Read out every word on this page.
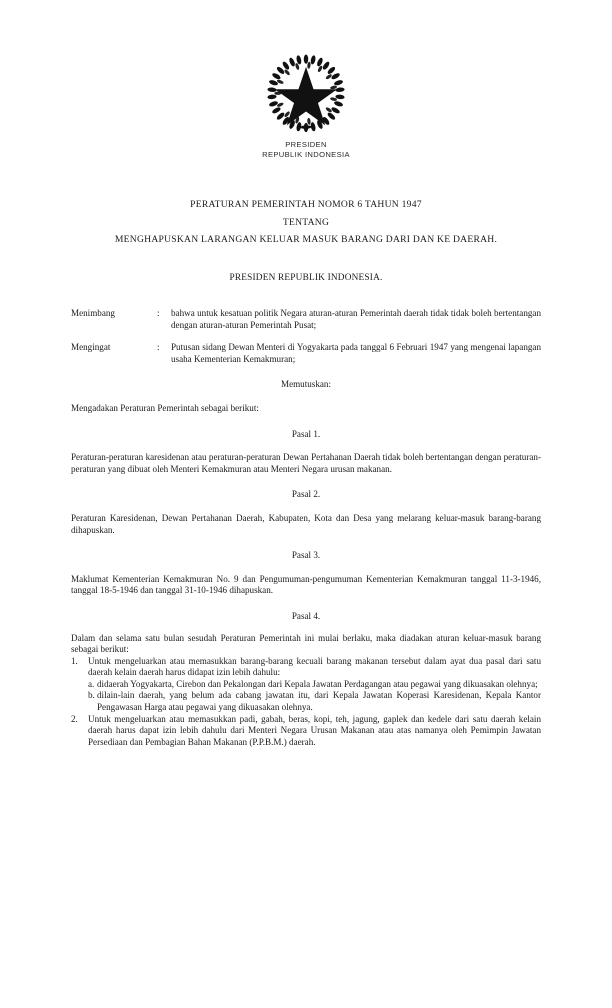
PRESIDEN
REPUBLIK INDONESIA
PERATURAN PEMERINTAH NOMOR 6 TAHUN 1947
TENTANG
MENGHAPUSKAN LARANGAN KELUAR MASUK BARANG DARI DAN KE DAERAH.
PRESIDEN REPUBLIK INDONESIA.
Menimbang	:	bahwa untuk kesatuan politik Negara aturan-aturan Pemerintah daerah tidak tidak boleh bertentangan dengan aturan-aturan Pemerintah Pusat;
Mengingat	:	Putusan sidang Dewan Menteri di Yogyakarta pada tanggal 6 Februari 1947 yang mengenai lapangan usaha Kementerian Kemakmuran;
Memutuskan:
Mengadakan Peraturan Pemerintah sebagai berikut:
Pasal 1.
Peraturan-peraturan karesidenan atau peraturan-peraturan Dewan Pertahanan Daerah tidak boleh bertentangan dengan peraturan-peraturan yang dibuat oleh Menteri Kemakmuran atau Menteri Negara urusan makanan.
Pasal 2.
Peraturan Karesidenan, Dewan Pertahanan Daerah, Kabupaten, Kota dan Desa yang melarang keluar-masuk barang-barang dihapuskan.
Pasal 3.
Maklumat Kementerian Kemakmuran No. 9 dan Pengumuman-pengumuman Kementerian Kemakmuran tanggal 11-3-1946, tanggal 18-5-1946 dan tanggal 31-10-1946 dihapuskan.
Pasal 4.
Dalam dan selama satu bulan sesudah Peraturan Pemerintah ini mulai berlaku, maka diadakan aturan keluar-masuk barang sebagai berikut:
1.	Untuk mengeluarkan atau memasukkan barang-barang kecuali barang makanan tersebut dalam ayat dua pasal dari satu daerah kelain daerah harus didapat izin lebih dahulu:
a. didaerah Yogyakarta, Cirebon dan Pekalongan dari Kepala Jawatan Perdagangan atau pegawai yang dikuasakan olehnya;
b. dilain-lain daerah, yang belum ada cabang jawatan itu, dari Kepala Jawatan Koperasi Karesidenan, Kepala Kantor Pengawasan Harga atau pegawai yang dikuasakan olehnya.
2.	Untuk mengeluarkan atau memasukkan padi, gabah, beras, kopi, teh, jagung, gaplek dan kedele dari satu daerah kelain daerah harus dapat izin lebih dahulu dari Menteri Negara Urusan Makanan atau atas namanya oleh Pemimpin Jawatan Persediaan dan Pembagian Bahan Makanan (P.P.B.M.) daerah.
